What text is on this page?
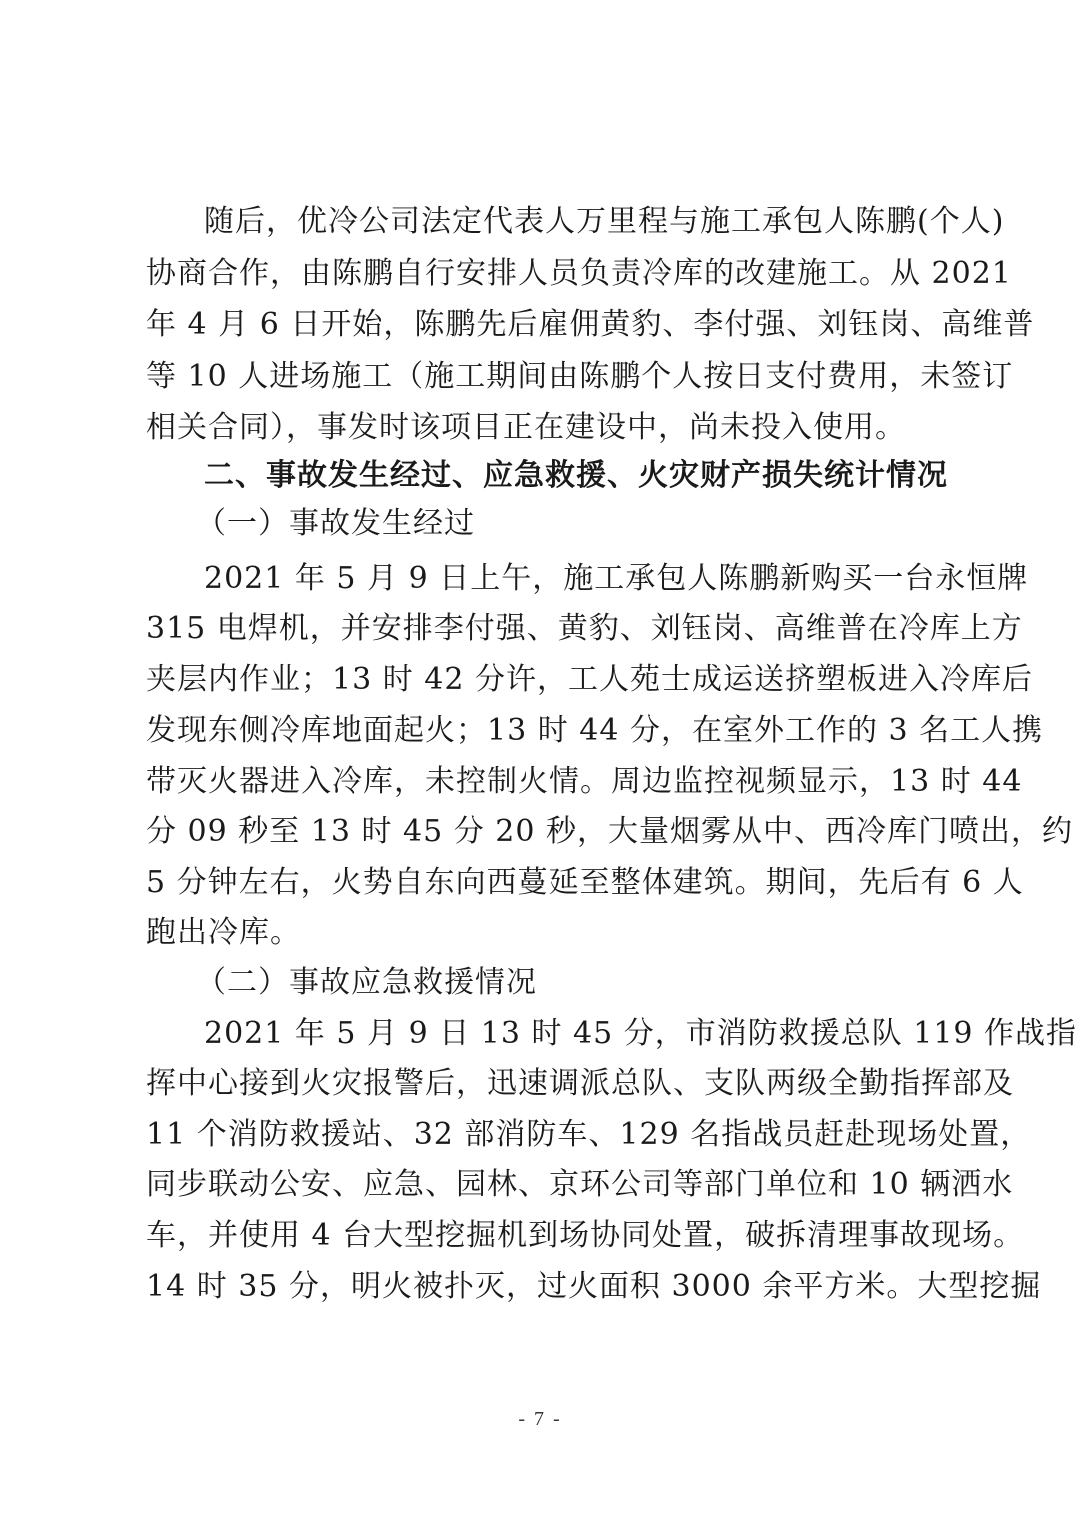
随后，优冷公司法定代表人万里程与施工承包人陈鹏(个人)
协商合作，由陈鹏自行安排人员负责冷库的改建施工。从 2021
年 4 月 6 日开始，陈鹏先后雇佣黄豹、李付强、刘钰岗、高维普
等 10 人进场施工（施工期间由陈鹏个人按日支付费用，未签订
相关合同），事发时该项目正在建设中，尚未投入使用。
二、事故发生经过、应急救援、火灾财产损失统计情况
（一）事故发生经过
2021 年 5 月 9 日上午，施工承包人陈鹏新购买一台永恒牌
315 电焊机，并安排李付强、黄豹、刘钰岗、高维普在冷库上方
夹层内作业；13 时 42 分许，工人苑士成运送挤塑板进入冷库后
发现东侧冷库地面起火；13 时 44 分，在室外工作的 3 名工人携
带灭火器进入冷库，未控制火情。周边监控视频显示，13 时 44
分 09 秒至 13 时 45 分 20 秒，大量烟雾从中、西冷库门喷出，约
5 分钟左右，火势自东向西蔓延至整体建筑。期间，先后有 6 人
跑出冷库。
（二）事故应急救援情况
2021 年 5 月 9 日 13 时 45 分，市消防救援总队 119 作战指
挥中心接到火灾报警后，迅速调派总队、支队两级全勤指挥部及
11 个消防救援站、32 部消防车、129 名指战员赶赴现场处置，
同步联动公安、应急、园林、京环公司等部门单位和 10 辆洒水
车，并使用 4 台大型挖掘机到场协同处置，破拆清理事故现场。
14 时 35 分，明火被扑灭，过火面积 3000 余平方米。大型挖掘
- 7 -
